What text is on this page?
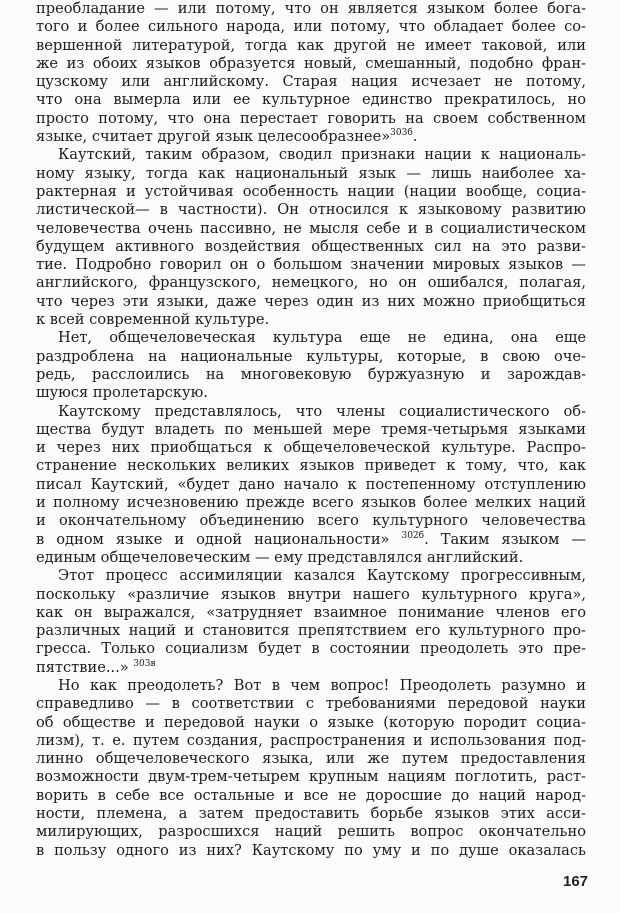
преобладание — или потому, что он является языком более бога-
того и более сильного народа, или потому, что обладает более со-
вершенной литературой, тогда как другой не имеет таковой, или
же из обоих языков образуется новый, смешанный, подобно фран-
цузскому или английскому. Старая нация исчезает не потому,
что она вымерла или ее культурное единство прекратилось, но
просто потому, что она перестает говорить на своем собственном
языке, считает другой язык целесообразнее»$^{303б}$.
Каутский, таким образом, сводил признаки нации к националь-
ному языку, тогда как национальный язык — лишь наиболее ха-
рактерная и устойчивая особенность нации (нации вообще, социа-
листической— в частности). Он относился к языковому развитию
человечества очень пассивно, не мысля себе и в социалистическом
будущем активного воздействия общественных сил на это разви-
тие. Подробно говорил он о большом значении мировых языков —
английского, французского, немецкого, но он ошибался, полагая,
что через эти языки, даже через один из них можно приобщиться
к всей современной культуре.
Нет, общечеловеческая культура еще не едина, она еще
раздроблена на национальные культуры, которые, в свою оче-
редь, расслоились на многовековую буржуазную и зарождав-
шуюся пролетарскую.
Каутскому представлялось, что члены социалистического об-
щества будут владеть по меньшей мере тремя-четырьмя языками
и через них приобщаться к общечеловеческой культуре. Распро-
странение нескольких великих языков приведет к тому, что, как
писал Каутский, «будет дано начало к постепенному отступлению
и полному исчезновению прежде всего языков более мелких наций
и окончательному объединению всего культурного человечества
в одном языке и одной национальности» $^{302б}$. Таким языком —
единым общечеловеческим — ему представлялся английский.
Этот процесс ассимиляции казался Каутскому прогрессивным,
поскольку «различие языков внутри нашего культурного круга»,
как он выражался, «затрудняет взаимное понимание членов его
различных наций и становится препятствием его культурного про-
гресса. Только социализм будет в состоянии преодолеть это пре-
пятствие...» $^{303в}$
Но как преодолеть? Вот в чем вопрос! Преодолеть разумно и
справедливо — в соответствии с требованиями передовой науки
об обществе и передовой науки о языке (которую породит социа-
лизм), т. е. путем создания, распространения и использования под-
линно общечеловеческого языка, или же путем предоставления
возможности двум-трем-четырем крупным нациям поглотить, раст-
ворить в себе все остальные и все не доросшие до наций народ-
ности, племена, а затем предоставить борьбе языков этих асси-
милирующих, разросшихся наций решить вопрос окончательно
в пользу одного из них? Каутскому по уму и по душе оказалась
167
